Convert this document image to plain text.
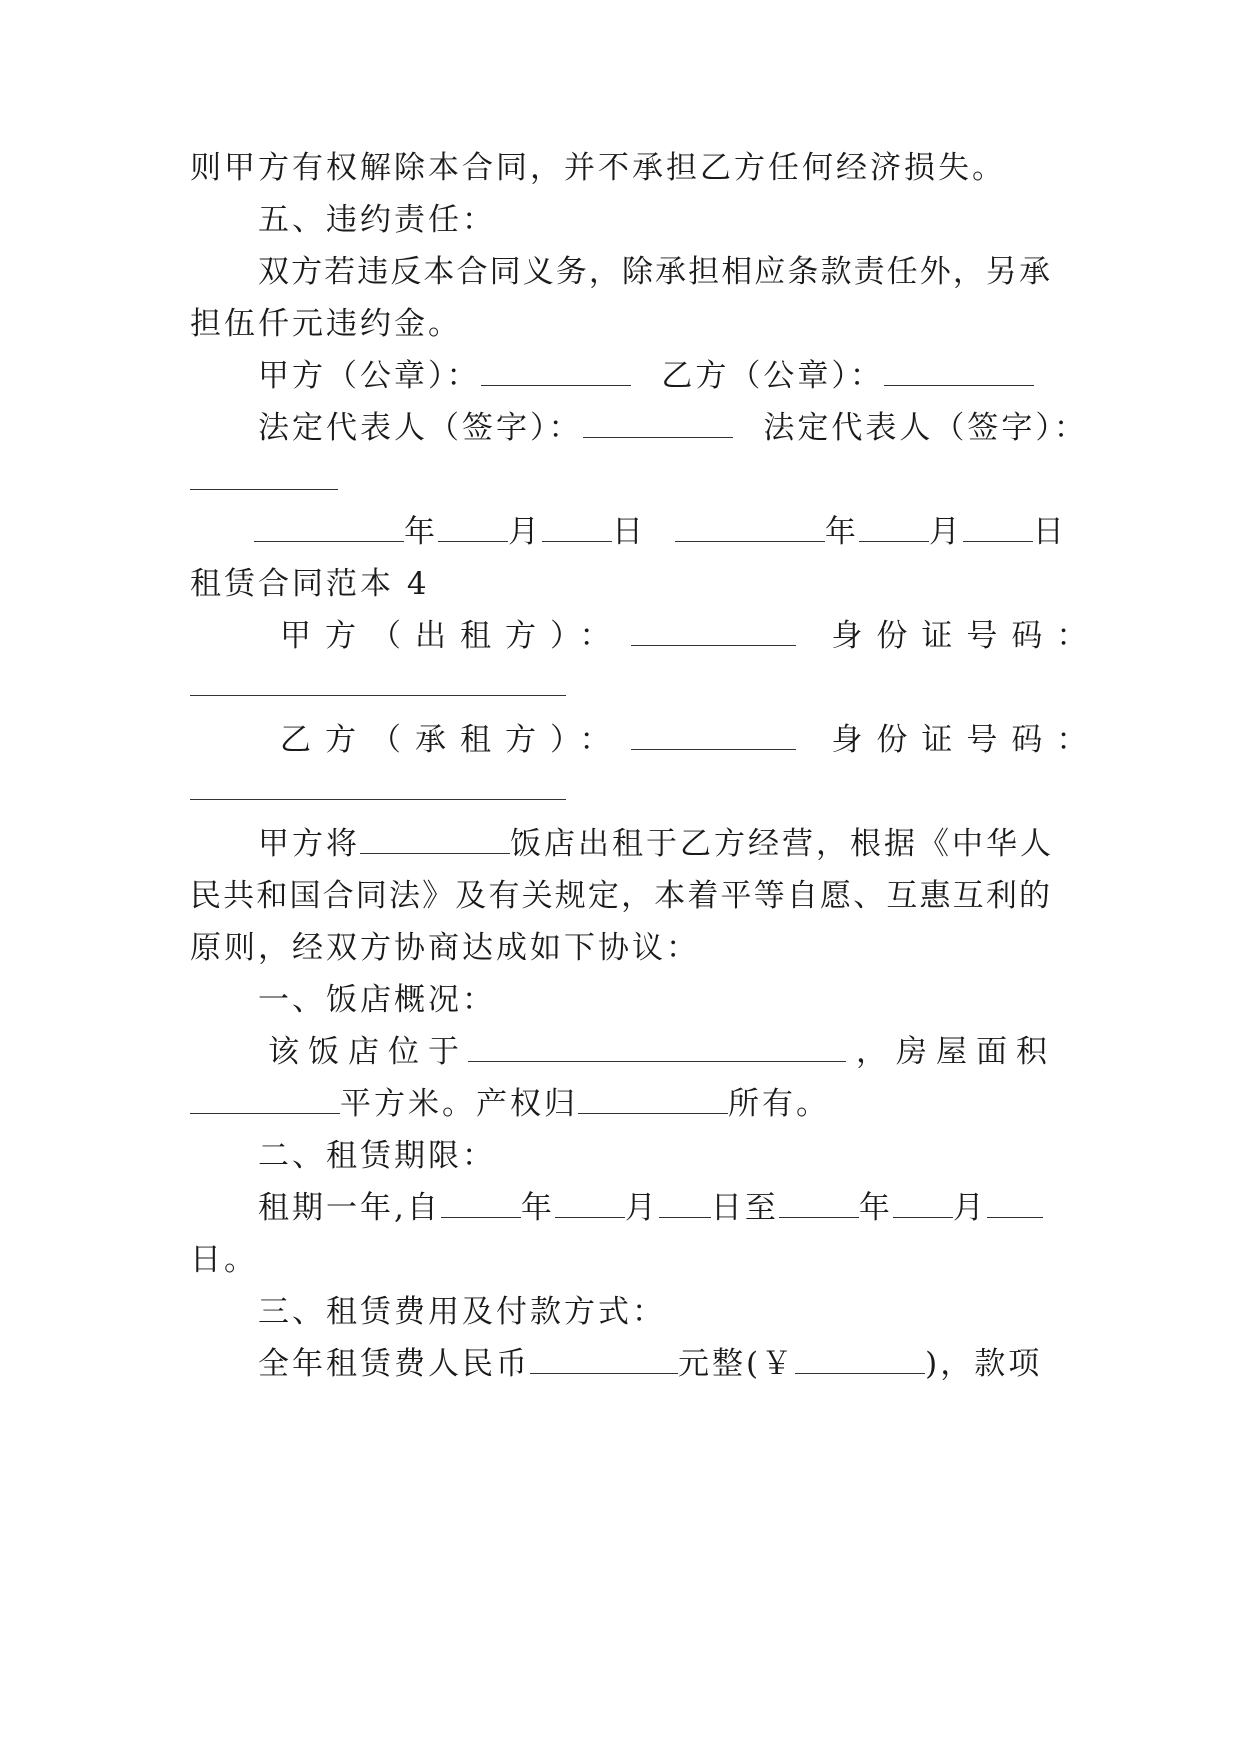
则甲方有权解除本合同，并不承担乙方任何经济损失。
五、违约责任：
双方若违反本合同义务，除承担相应条款责任外，另承
担伍仟元违约金。
甲方（公章）：	乙方（公章）：
法定代表人（签字）：	法定代表人（签字）：
年 月 日	年 月 日
租赁合同范本 4
甲方（出租方）：	身份证号码：
乙方（承租方）：	身份证号码：
甲方将	饭店出租于乙方经营，根据《中华人
民共和国合同法》及有关规定，本着平等自愿、互惠互利的
原则，经双方协商达成如下协议：
一、饭店概况：
该饭店位于	，房屋面积
平方米。产权归	所有。
二、租赁期限：
租期一年,自	年 月 日至	年 月
日。
三、租赁费用及付款方式：
全年租赁费人民币	元整(￥	)，款项
